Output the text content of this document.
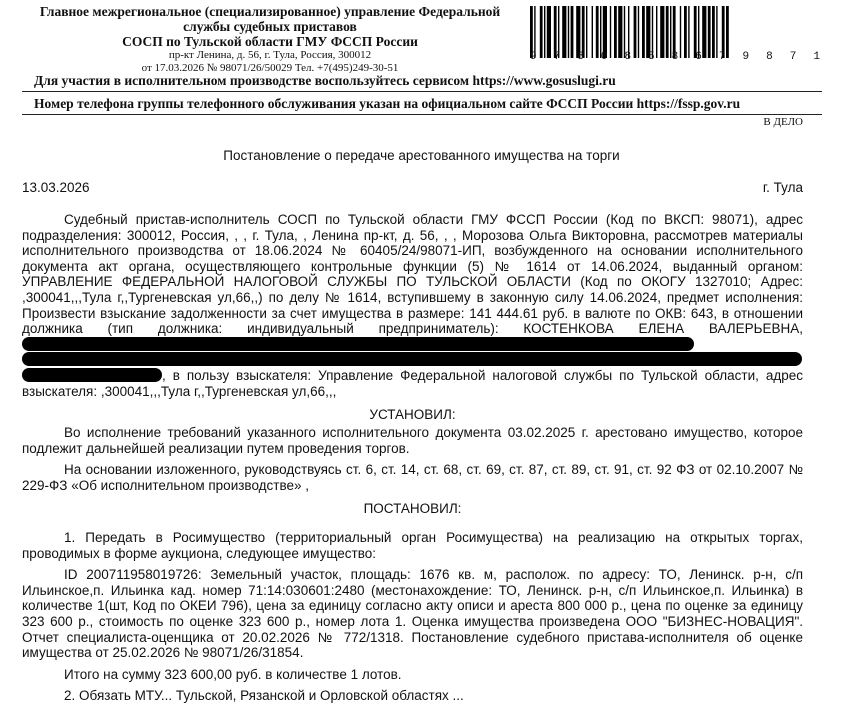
Главное межрегиональное (специализированное) управление Федеральной
службы судебных приставов
СОСП по Тульской области ГМУ ФССП России
пр-кт Ленина, д. 56, г. Тула, Россия, 300012
от 17.03.2026 № 98071/26/50029 Тел. +7(495)249-30-51
9 7 8 0 8 5 8 6 7 9 8 7 1
Для участия в исполнительном производстве воспользуйтесь сервисом https://www.gosuslugi.ru
Номер телефона группы телефонного обслуживания указан на официальном сайте ФССП России https://fssp.gov.ru
В ДЕЛО
Постановление о передаче арестованного имущества на торги
13.03.2026	г. Тула

Судебный пристав-исполнитель СОСП по Тульской области ГМУ ФССП России (Код по ВКСП: 98071), адрес подразделения: 300012, Россия, , , г. Тула, , Ленина пр-кт, д. 56, , , Морозова Ольга Викторовна, рассмотрев материалы исполнительного производства от 18.06.2024 № 60405/24/98071-ИП, возбужденного на основании исполнительного документа акт органа, осуществляющего контрольные функции (5) № 1614 от 14.06.2024, выданный органом: УПРАВЛЕНИЕ ФЕДЕРАЛЬНОЙ НАЛОГОВОЙ СЛУЖБЫ ПО ТУЛЬСКОЙ ОБЛАСТИ (Код по ОКОГУ 1327010; Адрес: ,300041,,,Тула г,,Тургеневская ул,66,,) по делу № 1614, вступившему в законную силу 14.06.2024, предмет исполнения: Произвести взыскание задолженности за счет имущества в размере: 141 444.61 руб. в валюте по ОКВ: 643, в отношении должника (тип должника: индивидуальный предприниматель): КОСТЕНКОВА ЕЛЕНА ВАЛЕРЬЕВНА,  , в пользу взыскателя: Управление Федеральной налоговой службы по Тульской области, адрес взыскателя: ,300041,,,Тула г,,Тургеневская ул,66,,,

УСТАНОВИЛ:

Во исполнение требований указанного исполнительного документа 03.02.2025 г. арестовано имущество, которое подлежит дальнейшей реализации путем проведения торгов.

На основании изложенного, руководствуясь ст. 6, ст. 14, ст. 68, ст. 69, ст. 87, ст. 89, ст. 91, ст. 92 ФЗ от 02.10.2007 № 229-ФЗ «Об исполнительном производстве» ,

ПОСТАНОВИЛ:

1. Передать в Росимущество (территориальный орган Росимущества) на реализацию на открытых торгах, проводимых в форме аукциона, следующее имущество:

ID 200711958019726: Земельный участок, площадь: 1676 кв. м, располож. по адресу: ТО, Ленинск. р-н, с/п Ильинское,п. Ильинка кад. номер 71:14:030601:2480 (местонахождение: ТО, Ленинск. р-н, с/п Ильинское,п. Ильинка) в количестве 1(шт, Код по ОКЕИ 796), цена за единицу согласно акту описи и ареста 800 000 р., цена по оценке за единицу 323 600 р., стоимость по оценке 323 600 р., номер лота 1. Оценка имущества произведена ООО "БИЗНЕС-НОВАЦИЯ". Отчет специалиста-оценщика от 20.02.2026 № 772/1318. Постановление судебного пристава-исполнителя об оценке имущества от 25.02.2026 № 98071/26/31854.

Итого на сумму 323 600,00 руб. в количестве 1 лотов.

2. Обязать МТУ... Тульской, Рязанской и Орловской областях ...
